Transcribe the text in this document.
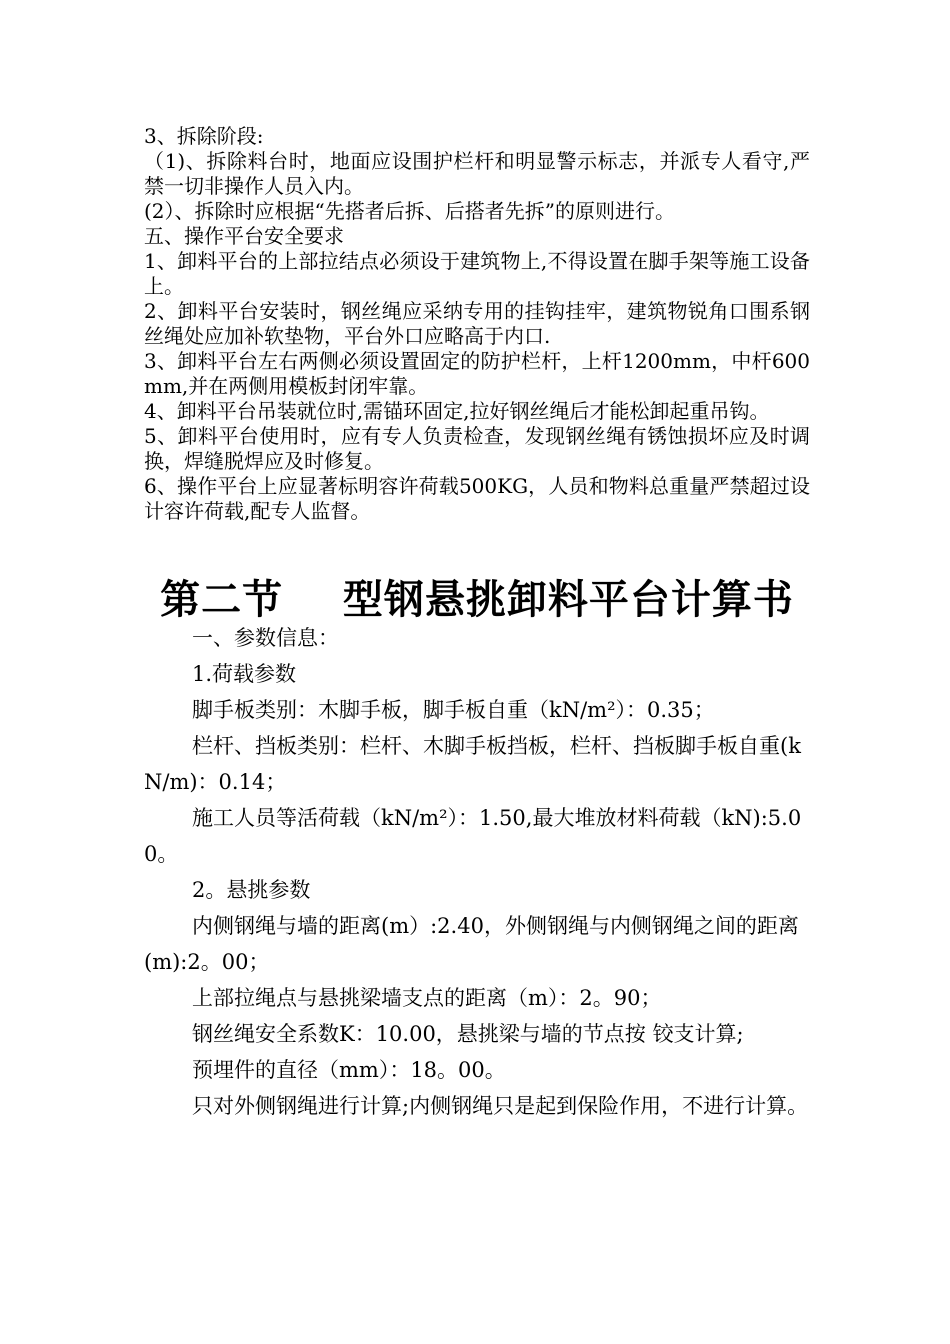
3、拆除阶段:

（1)、拆除料台时，地面应设围护栏杆和明显警示标志，并派专人看守,严禁一切非操作人员入内。

(2）、拆除时应根据“先搭者后拆、后搭者先拆”的原则进行。

五、操作平台安全要求

1、卸料平台的上部拉结点必须设于建筑物上,不得设置在脚手架等施工设备上。

2、卸料平台安装时，钢丝绳应采纳专用的挂钩挂牢，建筑物锐角口围系钢丝绳处应加补软垫物，平台外口应略高于内口.

3、卸料平台左右两侧必须设置固定的防护栏杆，上杆1200mm，中杆600mm,并在两侧用模板封闭牢靠。

4、卸料平台吊装就位时,需锚环固定,拉好钢丝绳后才能松卸起重吊钩。

5、卸料平台使用时，应有专人负责检查，发现钢丝绳有锈蚀损坏应及时调换，焊缝脱焊应及时修复。

6、操作平台上应显著标明容许荷载500KG，人员和物料总重量严禁超过设计容许荷载,配专人监督。

第二节    型钢悬挑卸料平台计算书

一、参数信息：

1.荷载参数

脚手板类别：木脚手板，脚手板自重（kN/m²）：0.35；

栏杆、挡板类别：栏杆、木脚手板挡板，栏杆、挡板脚手板自重(kN/m)：0.14；

施工人员等活荷载（kN/m²）：1.50,最大堆放材料荷载（kN):5.00。

2。悬挑参数

内侧钢绳与墙的距离(m）:2.40，外侧钢绳与内侧钢绳之间的距离(m):2。00；

上部拉绳点与悬挑梁墙支点的距离（m）：2。90；

钢丝绳安全系数K：10.00，悬挑梁与墙的节点按 铰支计算;

预埋件的直径（mm）：18。00。

只对外侧钢绳进行计算;内侧钢绳只是起到保险作用，不进行计算。
